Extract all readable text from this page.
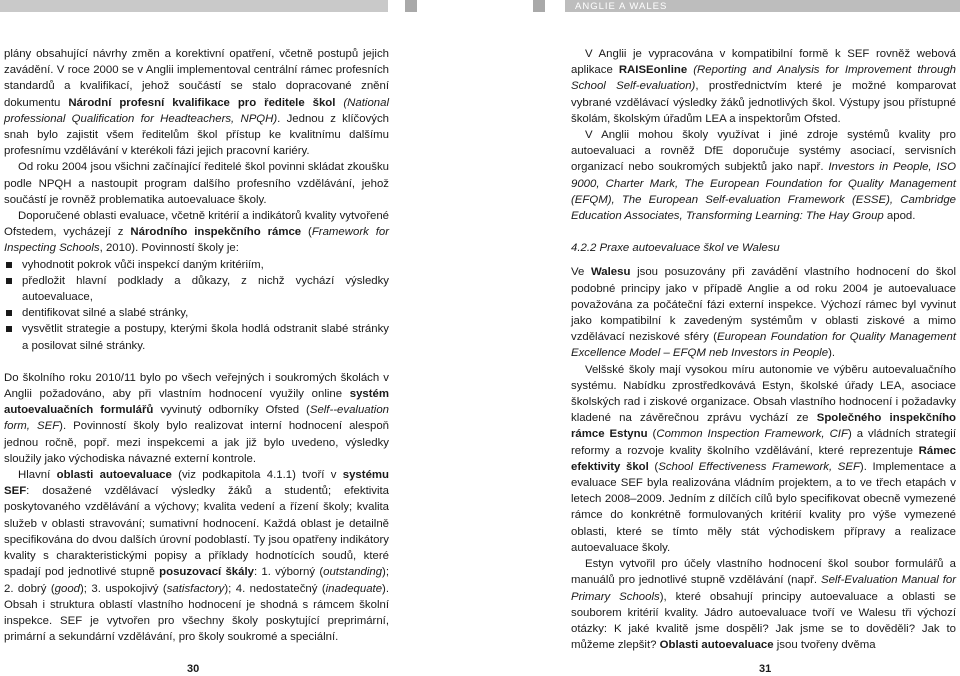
ANGLIE A WALES

plány obsahující návrhy změn a korektivní opatření, včetně postupů jejich zavádění. V roce 2000 se v Anglii implementoval centrální rámec profesních standardů a kvalifikací, jehož součástí se stalo dopracované znění dokumentu Národní profesní kvalifikace pro ředitele škol (National professional Qualification for Headteachers, NPQH). Jednou z klíčových snah bylo zajistit všem ředitelům škol přístup ke kvalitnímu dalšímu profesnímu vzdělávání v kterékoli fázi jejich pracovní kariéry.

Od roku 2004 jsou všichni začínající ředitelé škol povinni skládat zkoušku podle NPQH a nastoupit program dalšího profesního vzdělávání, jehož součástí je rovněž problematika autoevaluace školy.

Doporučené oblasti evaluace, včetně kritérií a indikátorů kvality vytvořené Ofstedem, vycházejí z Národního inspekčního rámce (Framework for Inspecting Schools, 2010). Povinností školy je:

vyhodnotit pokrok vůči inspekcí daným kritériím,
předložit hlavní podklady a důkazy, z nichž vychází výsledky autoevaluace,
dentifikovat silné a slabé stránky,
vysvětlit strategie a postupy, kterými škola hodlá odstranit slabé stránky a posilovat silné stránky.

Do školního roku 2010/11 bylo po všech veřejných i soukromých školách v Anglii požadováno, aby při vlastním hodnocení využily online systém autoevaluačních formulářů vyvinutý odborníky Ofsted (Self--evaluation form, SEF). Povinností školy bylo realizovat interní hodnocení alespoň jednou ročně, popř. mezi inspekcemi a jak již bylo uvedeno, výsledky sloužily jako východiska návazné externí kontrole.

Hlavní oblasti autoevaluace (viz podkapitola 4.1.1) tvoří v systému SEF: dosažené vzdělávací výsledky žáků a studentů; efektivita poskytovaného vzdělávání a výchovy; kvalita vedení a řízení školy; kvalita služeb v oblasti stravování; sumativní hodnocení. Každá oblast je detailně specifikována do dvou dalších úrovní podoblastí. Ty jsou opatřeny indikátory kvality s charakteristickými popisy a příklady hodnotících soudů, které spadají pod jednotlivé stupně posuzovací škály: 1. výborný (outstanding); 2. dobrý (good); 3. uspokojivý (satisfactory); 4. nedostatečný (inadequate). Obsah i struktura oblastí vlastního hodnocení je shodná s rámcem školní inspekce. SEF je vytvořen pro všechny školy poskytující preprimární, primární a sekundární vzdělávání, pro školy soukromé a speciální.

V Anglii je vypracována v kompatibilní formě k SEF rovněž webová aplikace RAISEonline (Reporting and Analysis for Improvement through School Self-evaluation), prostřednictvím které je možné komparovat vybrané vzdělávací výsledky žáků jednotlivých škol. Výstupy jsou přístupné školám, školským úřadům LEA a inspektorům Ofsted.

V Anglii mohou školy využívat i jiné zdroje systémů kvality pro autoevaluaci a rovněž DfE doporučuje systémy asociací, servisních organizací nebo soukromých subjektů jako např. Investors in People, ISO 9000, Charter Mark, The European Foundation for Quality Management (EFQM), The European Self-evaluation Framework (ESSE), Cambridge Education Associates, Transforming Learning: The Hay Group apod.

4.2.2 Praxe autoevaluace škol ve Walesu

Ve Walesu jsou posuzovány při zavádění vlastního hodnocení do škol podobné principy jako v případě Anglie a od roku 2004 je autoevaluace považována za počáteční fázi externí inspekce. Výchozí rámec byl vyvinut jako kompatibilní k zavedeným systémům v oblasti ziskové a mimo vzdělávací neziskové sféry (European Foundation for Quality Management Excellence Model – EFQM neb Investors in People).

Velšské školy mají vysokou míru autonomie ve výběru autoevaluačního systému. Nabídku zprostředkovává Estyn, školské úřady LEA, asociace školských rad i ziskové organizace. Obsah vlastního hodnocení i požadavky kladené na závěrečnou zprávu vychází ze Společného inspekčního rámce Estynu (Common Inspection Framework, CIF) a vládních strategií reformy a rozvoje kvality školního vzdělávání, které reprezentuje Rámec efektivity škol (School Effectiveness Framework, SEF). Implementace a evaluace SEF byla realizována vládním projektem, a to ve třech etapách v letech 2008–2009. Jedním z dílčích cílů bylo specifikovat obecně vymezené rámce do konkrétně formulovaných kritérií kvality pro výše vymezené oblasti, které se tímto měly stát východiskem přípravy a realizace autoevaluace školy.

Estyn vytvořil pro účely vlastního hodnocení škol soubor formulářů a manuálů pro jednotlivé stupně vzdělávání (např. Self-Evaluation Manual for Primary Schools), které obsahují principy autoevaluace a oblasti se souborem kritérií kvality. Jádro autoevaluace tvoří ve Walesu tři výchozí otázky: K jaké kvalitě jsme dospěli? Jak jsme se to dověděli? Jak to můžeme zlepšit? Oblasti autoevaluace jsou tvořeny dvěma

30	31
